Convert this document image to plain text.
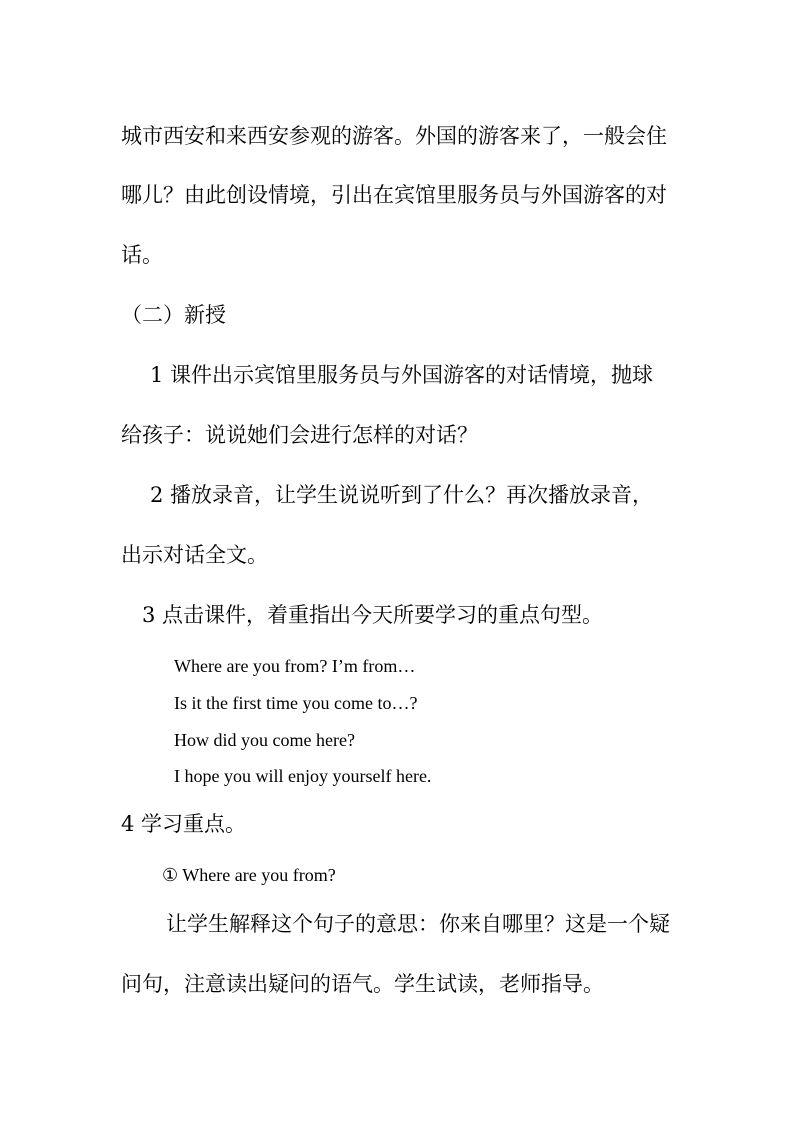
城市西安和来西安参观的游客。外国的游客来了，一般会住
哪儿？由此创设情境，引出在宾馆里服务员与外国游客的对
话。
（二）新授
1 课件出示宾馆里服务员与外国游客的对话情境，抛球
给孩子：说说她们会进行怎样的对话？
2 播放录音，让学生说说听到了什么？再次播放录音，
出示对话全文。
3 点击课件，着重指出今天所要学习的重点句型。
Where are you from? I’m from…
Is it the first time you come to…?
How did you come here?
I hope you will enjoy yourself here.
4 学习重点。
① Where are you from?
让学生解释这个句子的意思：你来自哪里？这是一个疑
问句，注意读出疑问的语气。学生试读，老师指导。
